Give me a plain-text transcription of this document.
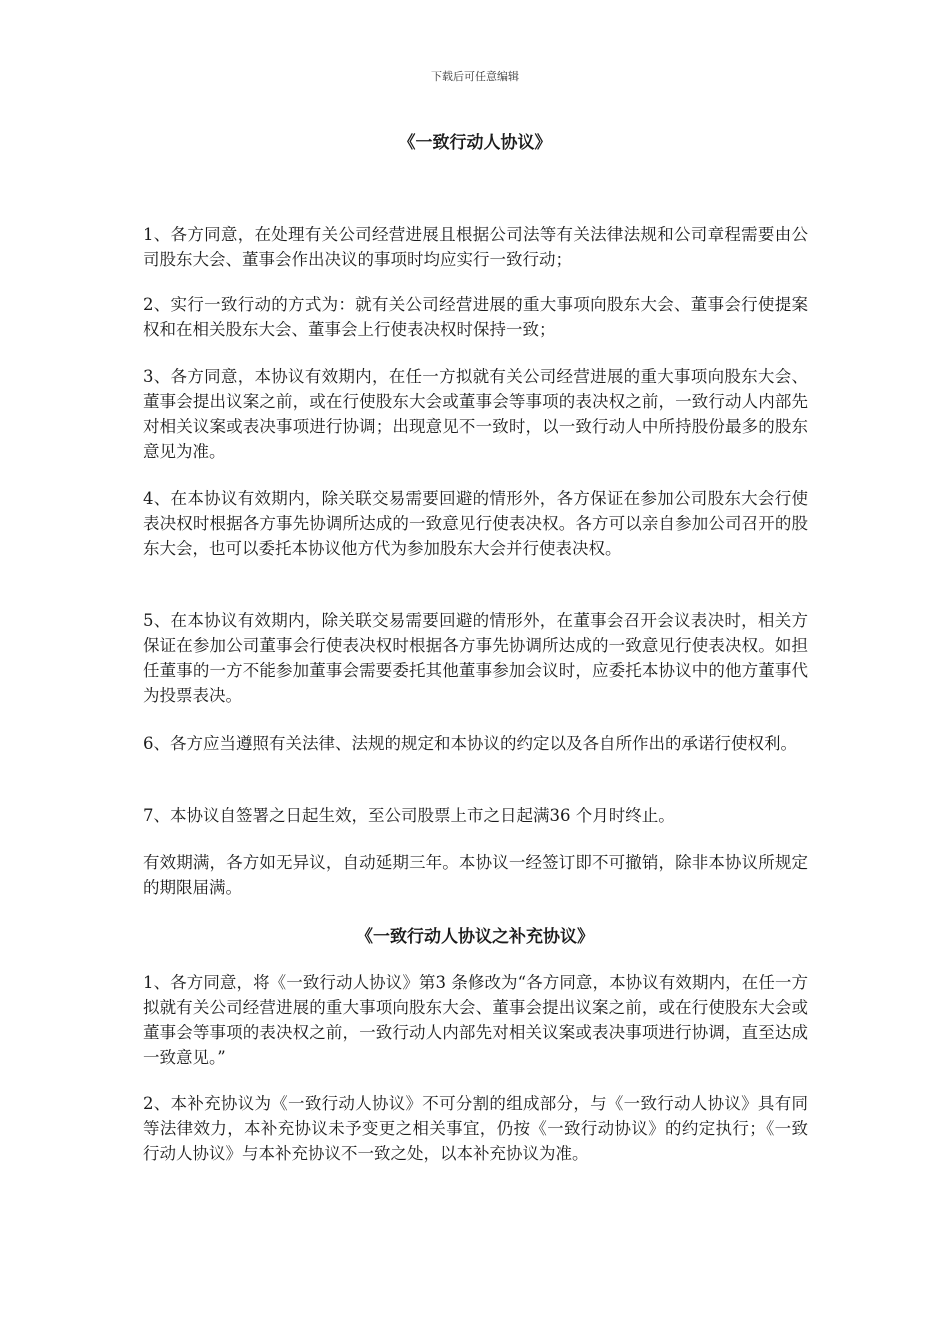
下载后可任意编辑
《一致行动人协议》

1、各方同意，在处理有关公司经营进展且根据公司法等有关法律法规和公司章程需要由公司股东大会、董事会作出决议的事项时均应实行一致行动；

2、实行一致行动的方式为：就有关公司经营进展的重大事项向股东大会、董事会行使提案权和在相关股东大会、董事会上行使表决权时保持一致；

3、各方同意，本协议有效期内，在任一方拟就有关公司经营进展的重大事项向股东大会、董事会提出议案之前，或在行使股东大会或董事会等事项的表决权之前，一致行动人内部先对相关议案或表决事项进行协调；出现意见不一致时，以一致行动人中所持股份最多的股东意见为准。

4、在本协议有效期内，除关联交易需要回避的情形外，各方保证在参加公司股东大会行使表决权时根据各方事先协调所达成的一致意见行使表决权。各方可以亲自参加公司召开的股东大会，也可以委托本协议他方代为参加股东大会并行使表决权。

5、在本协议有效期内，除关联交易需要回避的情形外，在董事会召开会议表决时，相关方保证在参加公司董事会行使表决权时根据各方事先协调所达成的一致意见行使表决权。如担任董事的一方不能参加董事会需要委托其他董事参加会议时，应委托本协议中的他方董事代为投票表决。

6、各方应当遵照有关法律、法规的规定和本协议的约定以及各自所作出的承诺行使权利。

7、本协议自签署之日起生效，至公司股票上市之日起满36 个月时终止。

有效期满，各方如无异议，自动延期三年。本协议一经签订即不可撤销，除非本协议所规定的期限届满。

《一致行动人协议之补充协议》

1、各方同意，将《一致行动人协议》第3 条修改为“各方同意，本协议有效期内，在任一方拟就有关公司经营进展的重大事项向股东大会、董事会提出议案之前，或在行使股东大会或董事会等事项的表决权之前，一致行动人内部先对相关议案或表决事项进行协调，直至达成一致意见。”

2、本补充协议为《一致行动人协议》不可分割的组成部分，与《一致行动人协议》具有同等法律效力，本补充协议未予变更之相关事宜，仍按《一致行动协议》的约定执行；《一致行动人协议》与本补充协议不一致之处，以本补充协议为准。
